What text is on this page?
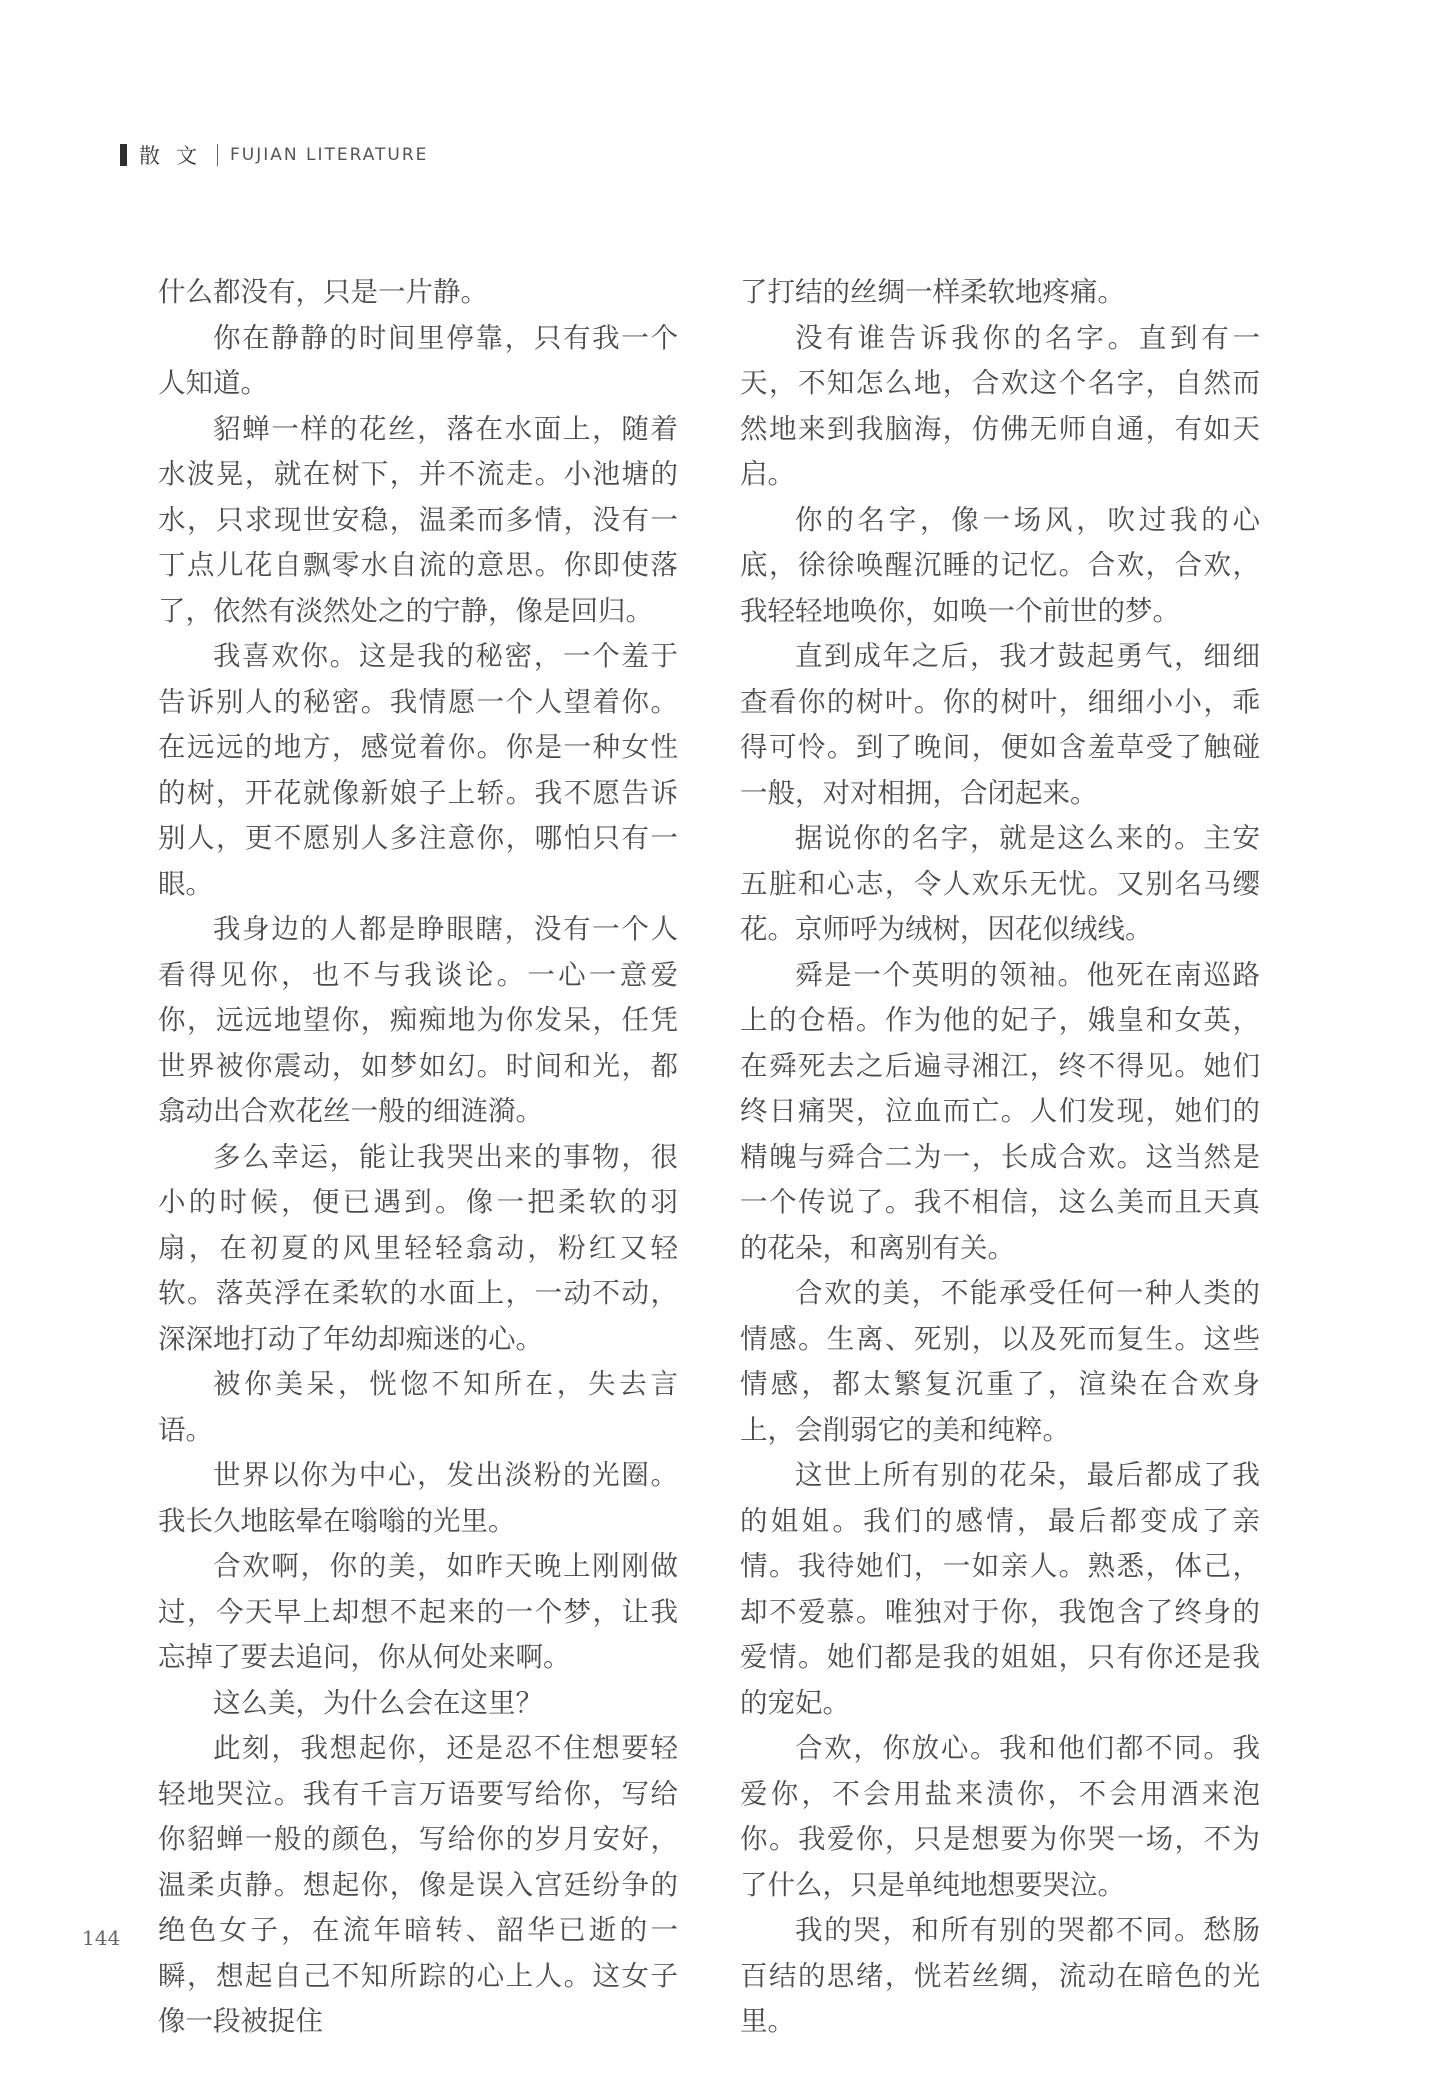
散文 FUJIAN LITERATURE

什么都没有，只是一片静。

你在静静的时间里停靠，只有我一个人知道。

貂蝉一样的花丝，落在水面上，随着水波晃，就在树下，并不流走。小池塘的水，只求现世安稳，温柔而多情，没有一丁点儿花自飘零水自流的意思。你即使落了，依然有淡然处之的宁静，像是回归。

我喜欢你。这是我的秘密，一个羞于告诉别人的秘密。我情愿一个人望着你。在远远的地方，感觉着你。你是一种女性的树，开花就像新娘子上轿。我不愿告诉别人，更不愿别人多注意你，哪怕只有一眼。

我身边的人都是睁眼瞎，没有一个人看得见你，也不与我谈论。一心一意爱你，远远地望你，痴痴地为你发呆，任凭世界被你震动，如梦如幻。时间和光，都翕动出合欢花丝一般的细涟漪。

多么幸运，能让我哭出来的事物，很小的时候，便已遇到。像一把柔软的羽扇，在初夏的风里轻轻翕动，粉红又轻软。落英浮在柔软的水面上，一动不动，深深地打动了年幼却痴迷的心。

被你美呆，恍惚不知所在，失去言语。

世界以你为中心，发出淡粉的光圈。我长久地眩晕在嗡嗡的光里。

合欢啊，你的美，如昨天晚上刚刚做过，今天早上却想不起来的一个梦，让我忘掉了要去追问，你从何处来啊。

这么美，为什么会在这里？

此刻，我想起你，还是忍不住想要轻轻地哭泣。我有千言万语要写给你，写给你貂蝉一般的颜色，写给你的岁月安好，温柔贞静。想起你，像是误入宫廷纷争的绝色女子，在流年暗转、韶华已逝的一瞬，想起自己不知所踪的心上人。这女子像一段被捉住

了打结的丝绸一样柔软地疼痛。

没有谁告诉我你的名字。直到有一天，不知怎么地，合欢这个名字，自然而然地来到我脑海，仿佛无师自通，有如天启。

你的名字，像一场风，吹过我的心底，徐徐唤醒沉睡的记忆。合欢，合欢，我轻轻地唤你，如唤一个前世的梦。

直到成年之后，我才鼓起勇气，细细查看你的树叶。你的树叶，细细小小，乖得可怜。到了晚间，便如含羞草受了触碰一般，对对相拥，合闭起来。

据说你的名字，就是这么来的。主安五脏和心志，令人欢乐无忧。又别名马缨花。京师呼为绒树，因花似绒线。

舜是一个英明的领袖。他死在南巡路上的仓梧。作为他的妃子，娥皇和女英，在舜死去之后遍寻湘江，终不得见。她们终日痛哭，泣血而亡。人们发现，她们的精魄与舜合二为一，长成合欢。这当然是一个传说了。我不相信，这么美而且天真的花朵，和离别有关。

合欢的美，不能承受任何一种人类的情感。生离、死别，以及死而复生。这些情感，都太繁复沉重了，渲染在合欢身上，会削弱它的美和纯粹。

这世上所有别的花朵，最后都成了我的姐姐。我们的感情，最后都变成了亲情。我待她们，一如亲人。熟悉，体己，却不爱慕。唯独对于你，我饱含了终身的爱情。她们都是我的姐姐，只有你还是我的宠妃。

合欢，你放心。我和他们都不同。我爱你，不会用盐来渍你，不会用酒来泡你。我爱你，只是想要为你哭一场，不为了什么，只是单纯地想要哭泣。

我的哭，和所有别的哭都不同。愁肠百结的思绪，恍若丝绸，流动在暗色的光里。

144
